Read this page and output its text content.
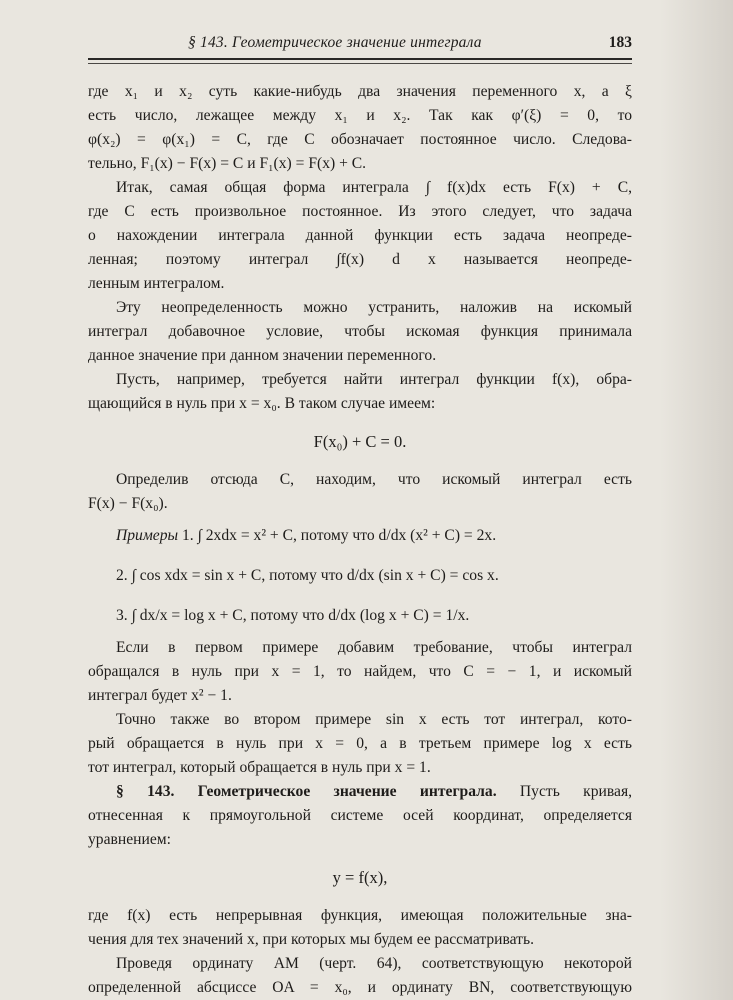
§ 143. Геометрическое значение интеграла	183
где x₁ и x₂ суть какие-нибудь два значения переменного x, а ξ
есть число, лежащее между x₁ и x₂. Так как φ′(ξ) = 0, то
φ(x₂) = φ(x₁) = C, где C обозначает постоянное число. Следова-
тельно, F₁(x) − F(x) = C и F₁(x) = F(x) + C.
Итак, самая общая форма интеграла ∫ f(x)dx есть F(x) + C,
где C есть произвольное постоянное. Из этого следует, что задача
о нахождении интеграла данной функции есть задача неопреде-
ленная; поэтому интеграл ∫f(x) d x называется неопреде-
ленным интегралом.
Эту неопределенность можно устранить, наложив на искомый
интеграл добавочное условие, чтобы искомая функция принимала
данное значение при данном значении переменного.
Пусть, например, требуется найти интеграл функции f(x), обра-
щающийся в нуль при x = x₀. В таком случае имеем:
F(x₀) + C = 0.
Определив отсюда C, находим, что искомый интеграл есть
F(x) − F(x₀).
Примеры 1. ∫ 2xdx = x² + C, потому что d/dx (x² + C) = 2x.
2. ∫ cos xdx = sin x + C, потому что d/dx (sin x + C) = cos x.
3. ∫ dx/x = log x + C, потому что d/dx (log x + C) = 1/x.
Если в первом примере добавим требование, чтобы интеграл
обращался в нуль при x = 1, то найдем, что C = − 1, и искомый
интеграл будет x² − 1.
Точно также во втором примере sin x есть тот интеграл, кото-
рый обращается в нуль при x = 0, а в третьем примере log x есть
тот интеграл, который обращается в нуль при x = 1.
§ 143. Геометрическое значение интеграла. Пусть кривая,
отнесенная к прямоугольной системе осей координат, определяется
уравнением:
y = f(x),
где f(x) есть непрерывная функция, имеющая положительные зна-
чения для тех значений x, при которых мы будем ее рассматривать.
Проведя ординату AM (черт. 64), соответствующую некоторой
определенной абсциссе OA = x₀, и ординату BN, соответствующую
